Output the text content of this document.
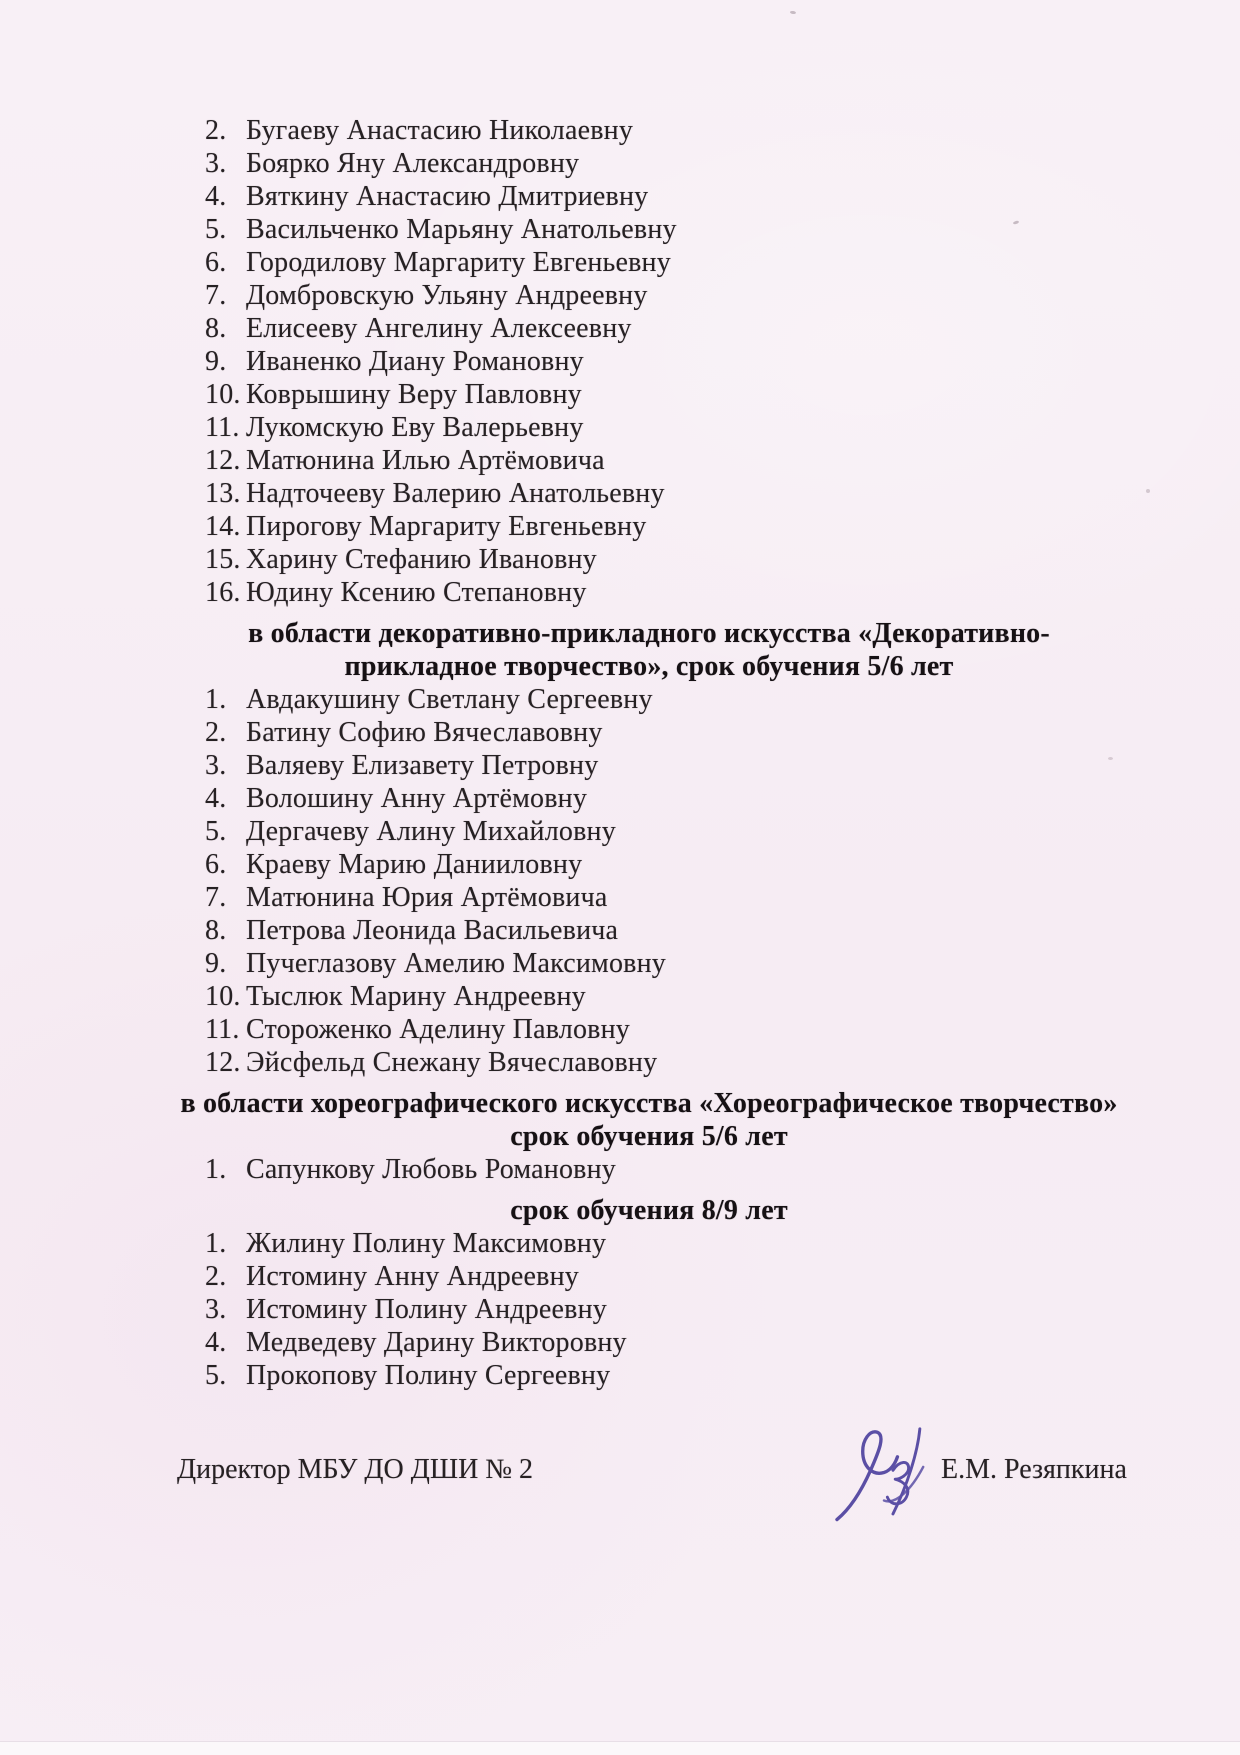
2. Бугаеву Анастасию Николаевну
3. Боярко Яну Александровну
4. Вяткину Анастасию Дмитриевну
5. Васильченко Марьяну Анатольевну
6. Городилову Маргариту Евгеньевну
7. Домбровскую Ульяну Андреевну
8. Елисееву Ангелину Алексеевну
9. Иваненко Диану Романовну
10. Коврышину Веру Павловну
11. Лукомскую Еву Валерьевну
12. Матюнина Илью Артёмовича
13. Надточееву Валерию Анатольевну
14. Пирогову Маргариту Евгеньевну
15. Харину Стефанию Ивановну
16. Юдину Ксению Степановну
в области декоративно-прикладного искусства «Декоративно-
прикладное творчество», срок обучения 5/6 лет
1. Авдакушину Светлану Сергеевну
2. Батину Софию Вячеславовну
3. Валяеву Елизавету Петровну
4. Волошину Анну Артёмовну
5. Дергачеву Алину Михайловну
6. Краеву Марию Данииловну
7. Матюнина Юрия Артёмовича
8. Петрова Леонида Васильевича
9. Пучеглазову Амелию Максимовну
10. Тыслюк Марину Андреевну
11. Стороженко Аделину Павловну
12. Эйсфельд Снежану Вячеславовну
в области хореографического искусства «Хореографическое творчество»
срок обучения 5/6 лет
1. Сапункову Любовь Романовну
срок обучения 8/9 лет
1. Жилину Полину Максимовну
2. Истомину Анну Андреевну
3. Истомину Полину Андреевну
4. Медведеву Дарину Викторовну
5. Прокопову Полину Сергеевну
Директор МБУ ДО ДШИ № 2	Е.М. Резяпкина
